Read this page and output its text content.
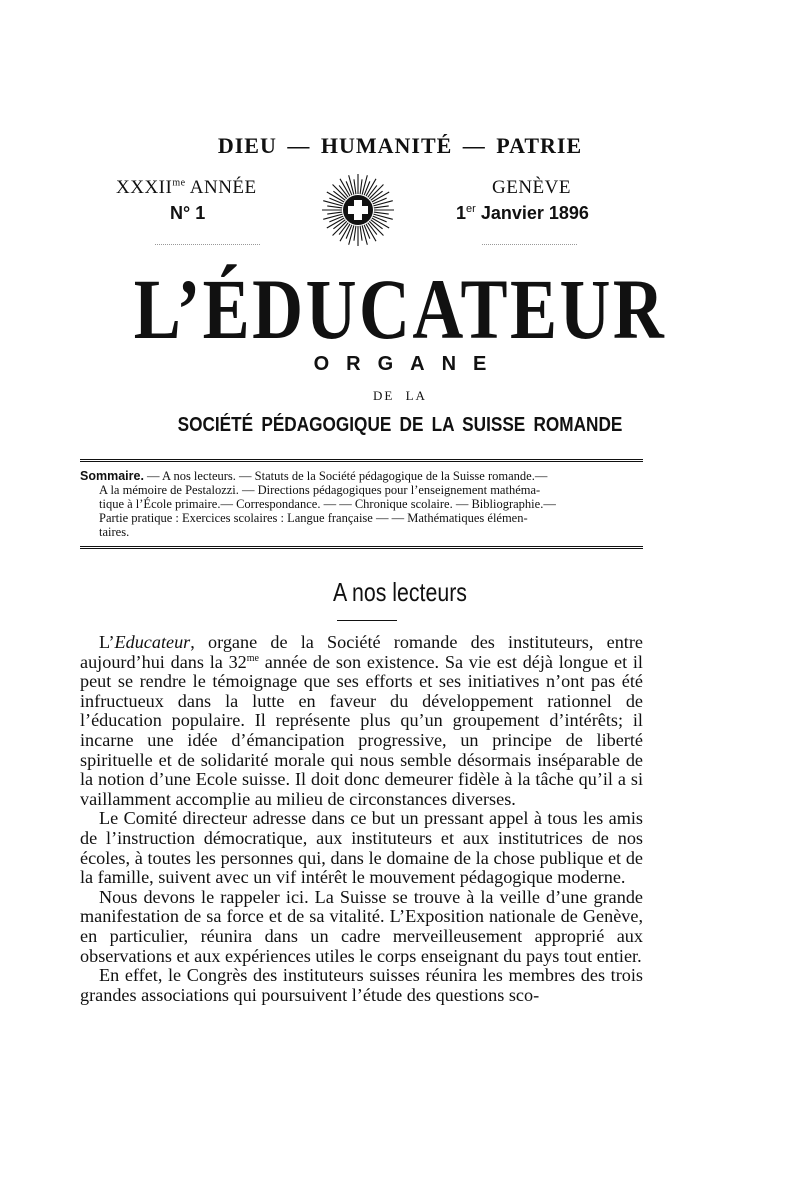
DIEU — HUMANITÉ — PATRIE
$XXXII^{me}$ ANNÉE
N° 1
GENÈVE
1er Janvier 1896
L’ÉDUCATEUR
ORGANE
DE LA
SOCIÉTÉ PÉDAGOGIQUE DE LA SUISSE ROMANDE
Sommaire. — A nos lecteurs. — Statuts de la Société pédagogique de la Suisse romande.—
A la mémoire de Pestalozzi. — Directions pédagogiques pour l’enseignement mathéma-
tique à l’École primaire.— Correspondance. — — Chronique scolaire. — Bibliographie.—
Partie pratique : Exercices scolaires : Langue française — — Mathématiques élémen-
taires.
A nos lecteurs

L’Educateur, organe de la Société romande des instituteurs, entre aujourd’hui dans la $32^{me}$ année de son existence. Sa vie est déjà longue et il peut se rendre le témoignage que ses efforts et ses initiatives n’ont pas été infructueux dans la lutte en faveur du développement rationnel de l’éducation populaire. Il représente plus qu’un groupement d’intérêts; il incarne une idée d’émancipation progressive, un principe de liberté spirituelle et de solidarité morale qui nous semble désormais inséparable de la notion d’une Ecole suisse. Il doit donc demeurer fidèle à la tâche qu’il a si vaillamment accomplie au milieu de circonstances diverses.

Le Comité directeur adresse dans ce but un pressant appel à tous les amis de l’instruction démocratique, aux instituteurs et aux institutrices de nos écoles, à toutes les personnes qui, dans le domaine de la chose publique et de la famille, suivent avec un vif intérêt le mouvement pédagogique moderne.

Nous devons le rappeler ici. La Suisse se trouve à la veille d’une grande manifestation de sa force et de sa vitalité. L’Exposition nationale de Genève, en particulier, réunira dans un cadre merveilleusement approprié aux observations et aux expériences utiles le corps enseignant du pays tout entier.

En effet, le Congrès des instituteurs suisses réunira les membres des trois grandes associations qui poursuivent l’étude des questions sco-
